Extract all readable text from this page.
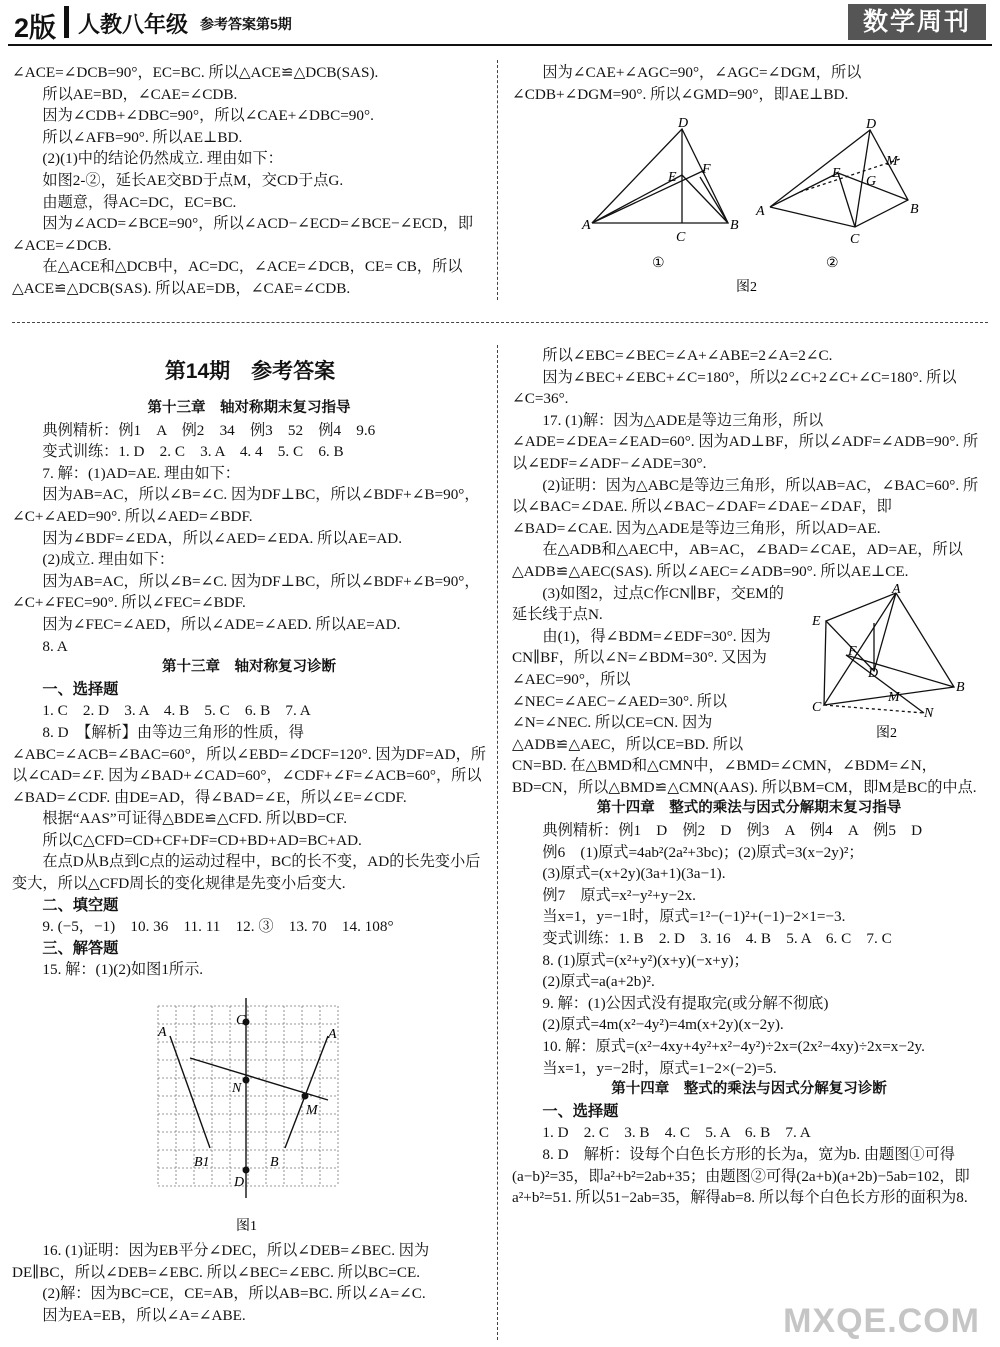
2版 人教八年级 参考答案第5期	数学周刊

∠ACE=∠DCB=90°，EC=BC. 所以△ACE≌△DCB(SAS).

所以AE=BD，∠CAE=∠CDB.

因为∠CDB+∠DBC=90°，所以∠CAE+∠DBC=90°.

所以∠AFB=90°. 所以AE⊥BD.

(2)(1)中的结论仍然成立. 理由如下：

如图2-②，延长AE交BD于点M，交CD于点G.

由题意，得AC=DC，EC=BC.

因为∠ACD=∠BCE=90°，所以∠ACD−∠ECD=∠BCE−∠ECD，即∠ACE=∠DCB.

在△ACE和△DCB中，AC=DC，∠ACE=∠DCB，CE= CB，所以△ACE≌△DCB(SAS). 所以AE=DB，∠CAE=∠CDB.

因为∠CAE+∠AGC=90°，∠AGC=∠DGM，所以∠CDB+∠DGM=90°. 所以∠GMD=90°，即AE⊥BD.

D
F
E
A	B
C
D
M
E
G
A	B
C
①	②
图2
第14期　参考答案

第十三章　轴对称期末复习指导

典例精析：例1　A　例2　34　例3　52　例4　9.6

变式训练：1. D　2. C　3. A　4. 4　5. C　6. B

7. 解：(1)AD=AE. 理由如下：

因为AB=AC，所以∠B=∠C. 因为DF⊥BC，所以∠BDF+∠B=90°，∠C+∠AED=90°. 所以∠AED=∠BDF.

因为∠BDF=∠EDA，所以∠AED=∠EDA. 所以AE=AD.

(2)成立. 理由如下：

因为AB=AC，所以∠B=∠C. 因为DF⊥BC，所以∠BDF+∠B=90°，∠C+∠FEC=90°. 所以∠FEC=∠BDF.

因为∠FEC=∠AED，所以∠ADE=∠AED. 所以AE=AD.

8. A

第十三章　轴对称复习诊断

一、选择题

1. C　2. D　3. A　4. B　5. C　6. B　7. A

8. D　【解析】由等边三角形的性质，得∠ABC=∠ACB=∠BAC=60°，所以∠EBD=∠DCF=120°. 因为DF=AD，所以∠CAD=∠F. 因为∠BAD+∠CAD=60°，∠CDF+∠F=∠ACB=60°，所以∠BAD=∠CDF. 由DE=AD，得∠BAD=∠E，所以∠E=∠CDF.

根据“AAS”可证得△BDE≌△CFD. 所以BD=CF.

所以C△CFD=CD+CF+DF=CD+BD+AD=BC+AD.

在点D从B点到C点的运动过程中，BC的长不变，AD的长先变小后变大，所以△CFD周长的变化规律是先变小后变大.

二、填空题

9. (−5，−1)　10. 36　11. 11　12. ③　13. 70　14. 108°

三、解答题

15. 解：(1)(2)如图1所示.

A
C
A
N
M
B1	B
D
图1

16. (1)证明：因为EB平分∠DEC，所以∠DEB=∠BEC. 因为DE∥BC，所以∠DEB=∠EBC. 所以∠BEC=∠EBC. 所以BC=CE.

(2)解：因为BC=CE，CE=AB，所以AB=BC. 所以∠A=∠C.

因为EA=EB，所以∠A=∠ABE.

所以∠EBC=∠BEC=∠A+∠ABE=2∠A=2∠C.

因为∠BEC+∠EBC+∠C=180°，所以2∠C+2∠C+∠C=180°. 所以∠C=36°.

17. (1)解：因为△ADE是等边三角形，所以∠ADE=∠DEA=∠EAD=60°. 因为AD⊥BF，所以∠ADF=∠ADB=90°. 所以∠EDF=∠ADF−∠ADE=30°.

(2)证明：因为△ABC是等边三角形，所以AB=AC，∠BAC=60°. 所以∠BAC=∠DAE. 所以∠BAC−∠DAF=∠DAE−∠DAF，即∠BAD=∠CAE. 因为△ADE是等边三角形，所以AD=AE.

在△ADB和△AEC中，AB=AC，∠BAD=∠CAE，AD=AE，所以△ADB≌△AEC(SAS). 所以∠AEC=∠ADB=90°. 所以AE⊥CE.

A
E
F
D
B
C
M
N
图2

(3)如图2，过点C作CN∥BF，交EM的延长线于点N.

由(1)，得∠BDM=∠EDF=30°. 因为CN∥BF，所以∠N=∠BDM=30°. 又因为∠AEC=90°，所以∠NEC=∠AEC−∠AED=30°. 所以∠N=∠NEC. 所以CE=CN. 因为△ADB≌△AEC，所以CE=BD. 所以CN=BD. 在△BMD和△CMN中，∠BMD=∠CMN，∠BDM=∠N，BD=CN，所以△BMD≌△CMN(AAS). 所以BM=CM，即M是BC的中点.

第十四章　整式的乘法与因式分解期末复习指导

典例精析：例1　D　例2　D　例3　A　例4　A　例5　D

例6　(1)原式=4ab²(2a²+3bc)；(2)原式=3(x−2y)²；

(3)原式=(x+2y)(3a+1)(3a−1).

例7　原式=x²−y²+y−2x.

当x=1，y=−1时，原式=1²−(−1)²+(−1)−2×1=−3.

变式训练：1. B　2. D　3. 16　4. B　5. A　6. C　7. C

8. (1)原式=(x²+y²)(x+y)(−x+y)；

(2)原式=a(a+2b)².

9. 解：(1)公因式没有提取完(或分解不彻底)

(2)原式=4m(x²−4y²)=4m(x+2y)(x−2y).

10. 解：原式=(x²−4xy+4y²+x²−4y²)÷2x=(2x²−4xy)÷2x=x−2y.

当x=1，y=−2时，原式=1−2×(−2)=5.

第十四章　整式的乘法与因式分解复习诊断

一、选择题

1. D　2. C　3. B　4. C　5. A　6. B　7. A

8. D　解析：设每个白色长方形的长为a，宽为b. 由题图①可得(a−b)²=35，即a²+b²=2ab+35；由题图②可得(2a+b)(a+2b)−5ab=102，即a²+b²=51. 所以51−2ab=35，解得ab=8. 所以每个白色长方形的面积为8.

MXQE.COM
